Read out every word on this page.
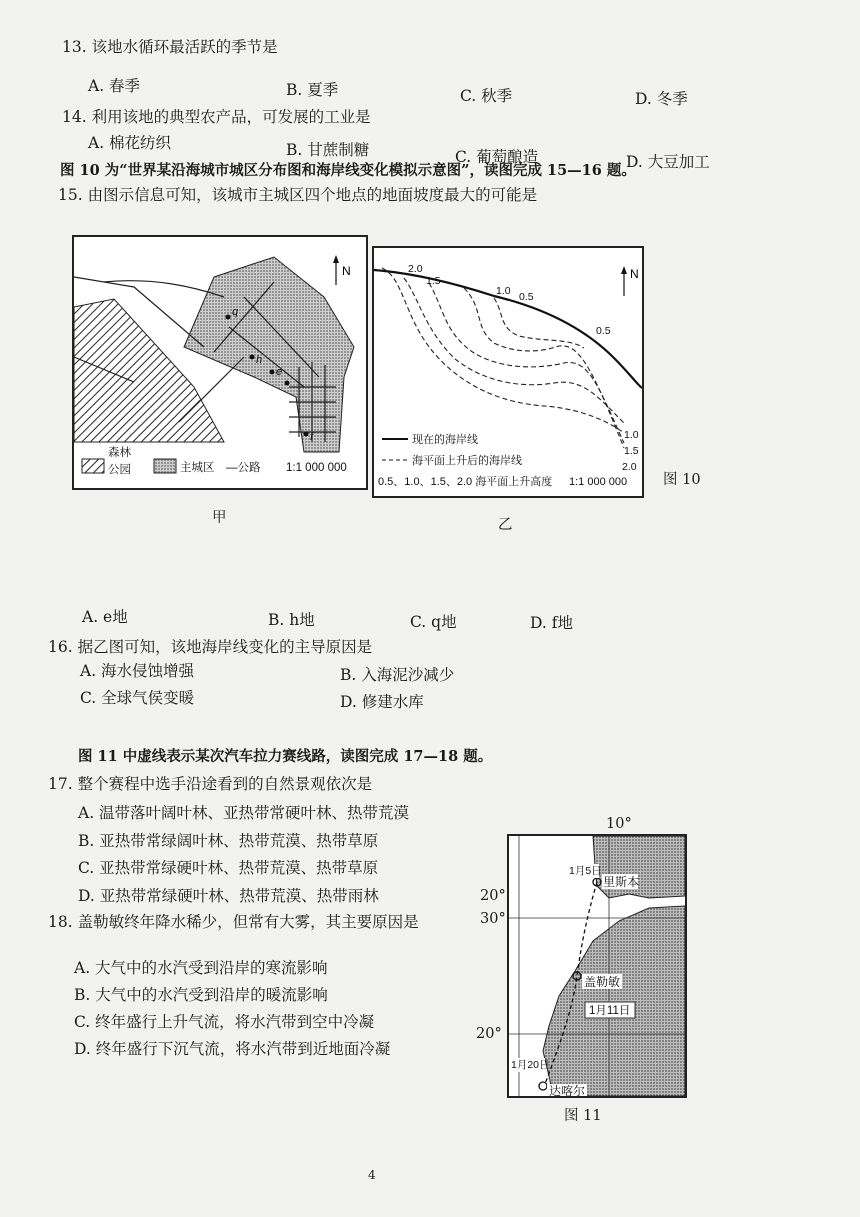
13. 该地水循环最活跃的季节是
A. 春季	B. 夏季	C. 秋季	D. 冬季
14. 利用该地的典型农产品，可发展的工业是
A. 棉花纺织	B. 甘蔗制糖	C. 葡萄酿造	D. 大豆加工
图 10 为“世界某沿海城市城区分布图和海岸线变化模拟示意图”，读图完成 15—16 题。
15. 由图示信息可知，该城市主城区四个地点的地面坡度最大的可能是
q
h
e
f
N
森林
公园	主城区 —公路 1:1 000 000
2.0
1.5
1.0 0.5
0.5
1.0
1.5
2.0
N
现在的海岸线
海平面上升后的海岸线
0.5、1.0、1.5、2.0 海平面上升高度 1:1 000 000 图 10
甲	乙
A. e地	B. h地	C. q地	D. f地
16. 据乙图可知，该地海岸线变化的主导原因是
A. 海水侵蚀增强	B. 入海泥沙减少
C. 全球气侯变暖	D. 修建水库
图 11 中虚线表示某次汽车拉力赛线路，读图完成 17—18 题。
17. 整个赛程中选手沿途看到的自然景观依次是
A. 温带落叶阔叶林、亚热带常硬叶林、热带荒漠
B. 亚热带常绿阔叶林、热带荒漠、热带草原
C. 亚热带常绿硬叶林、热带荒漠、热带草原
D. 亚热带常绿硬叶林、热带荒漠、热带雨林
18. 盖勒敏终年降水稀少，但常有大雾，其主要原因是
A. 大气中的水汽受到沿岸的寒流影响
B. 大气中的水汽受到沿岸的暖流影响
C. 终年盛行上升气流，将水汽带到空中冷凝
D. 终年盛行下沉气流，将水汽带到近地面冷凝
10°
20°
30°
20°
1月5日
里斯本
盖勒敏
1月11日
1月20日
达喀尔
图 11
4
